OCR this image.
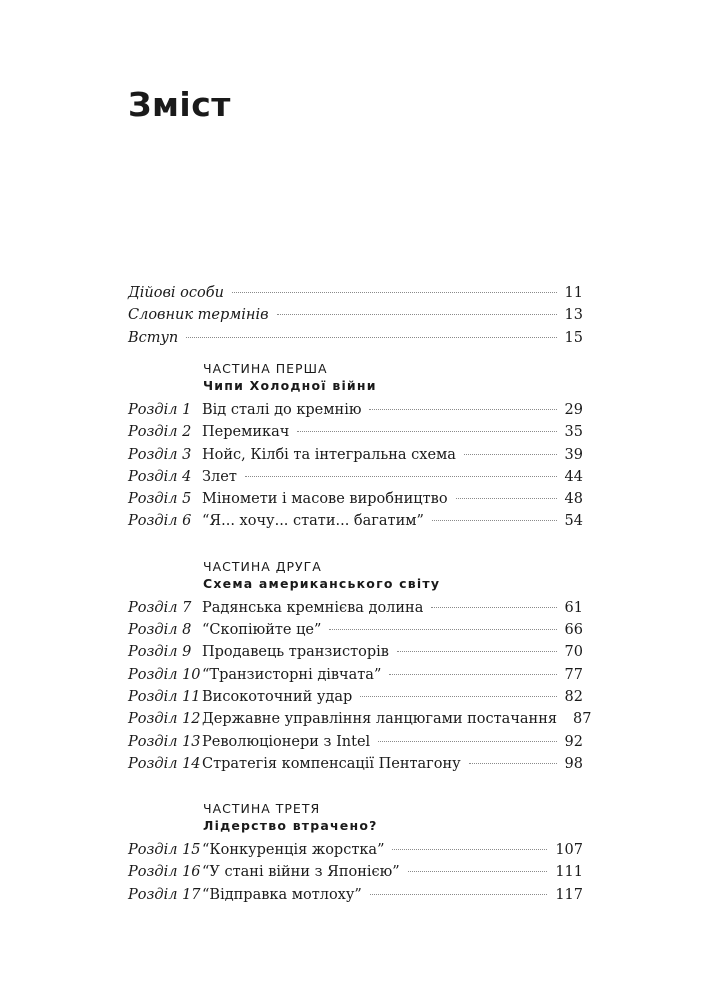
Зміст
Дійові особи	11
Словник термінів	13
Вступ	15
ЧАСТИНА ПЕРША
Чипи Холодної війни
Розділ 1 Від сталі до кремнію	29
Розділ 2 Перемикач	35
Розділ 3 Нойс, Кілбі та інтегральна схема	39
Розділ 4 Злет	44
Розділ 5 Міномети і масове виробництво	48
Розділ 6 “Я... хочу... стати... багатим”	54
ЧАСТИНА ДРУГА
Схема американського світу
Розділ 7 Радянська кремнієва долина	61
Розділ 8 “Скопіюйте це”	66
Розділ 9 Продавець транзисторів	70
Розділ 10 “Транзисторні дівчата”	77
Розділ 11 Високоточний удар	82
Розділ 12 Державне управління ланцюгами постачання 87
Розділ 13 Революціонери з Intel	92
Розділ 14 Стратегія компенсації Пентагону	98
ЧАСТИНА ТРЕТЯ
Лідерство втрачено?
Розділ 15 “Конкуренція жорстка”	107
Розділ 16 “У стані війни з Японією”	111
Розділ 17 “Відправка мотлоху”	117
